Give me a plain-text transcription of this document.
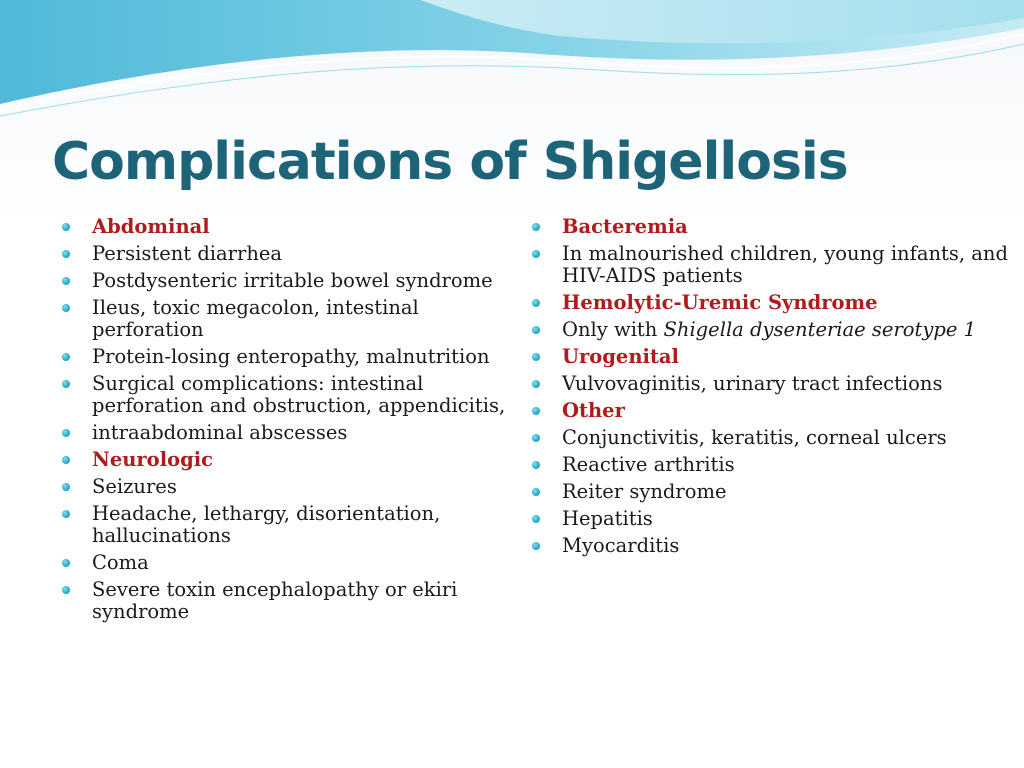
Complications of Shigellosis
Abdominal
Persistent diarrhea
Postdysenteric irritable bowel syndrome
Ileus, toxic megacolon, intestinal perforation
Protein-losing enteropathy, malnutrition
Surgical complications: intestinal perforation and obstruction, appendicitis,
intraabdominal abscesses
Neurologic
Seizures
Headache, lethargy, disorientation, hallucinations
Coma
Severe toxin encephalopathy or ekiri syndrome
Bacteremia
In malnourished children, young infants, and HIV-AIDS patients
Hemolytic-Uremic Syndrome
Only with Shigella dysenteriae serotype 1
Urogenital
Vulvovaginitis, urinary tract infections
Other
Conjunctivitis, keratitis, corneal ulcers
Reactive arthritis
Reiter syndrome
Hepatitis
Myocarditis
